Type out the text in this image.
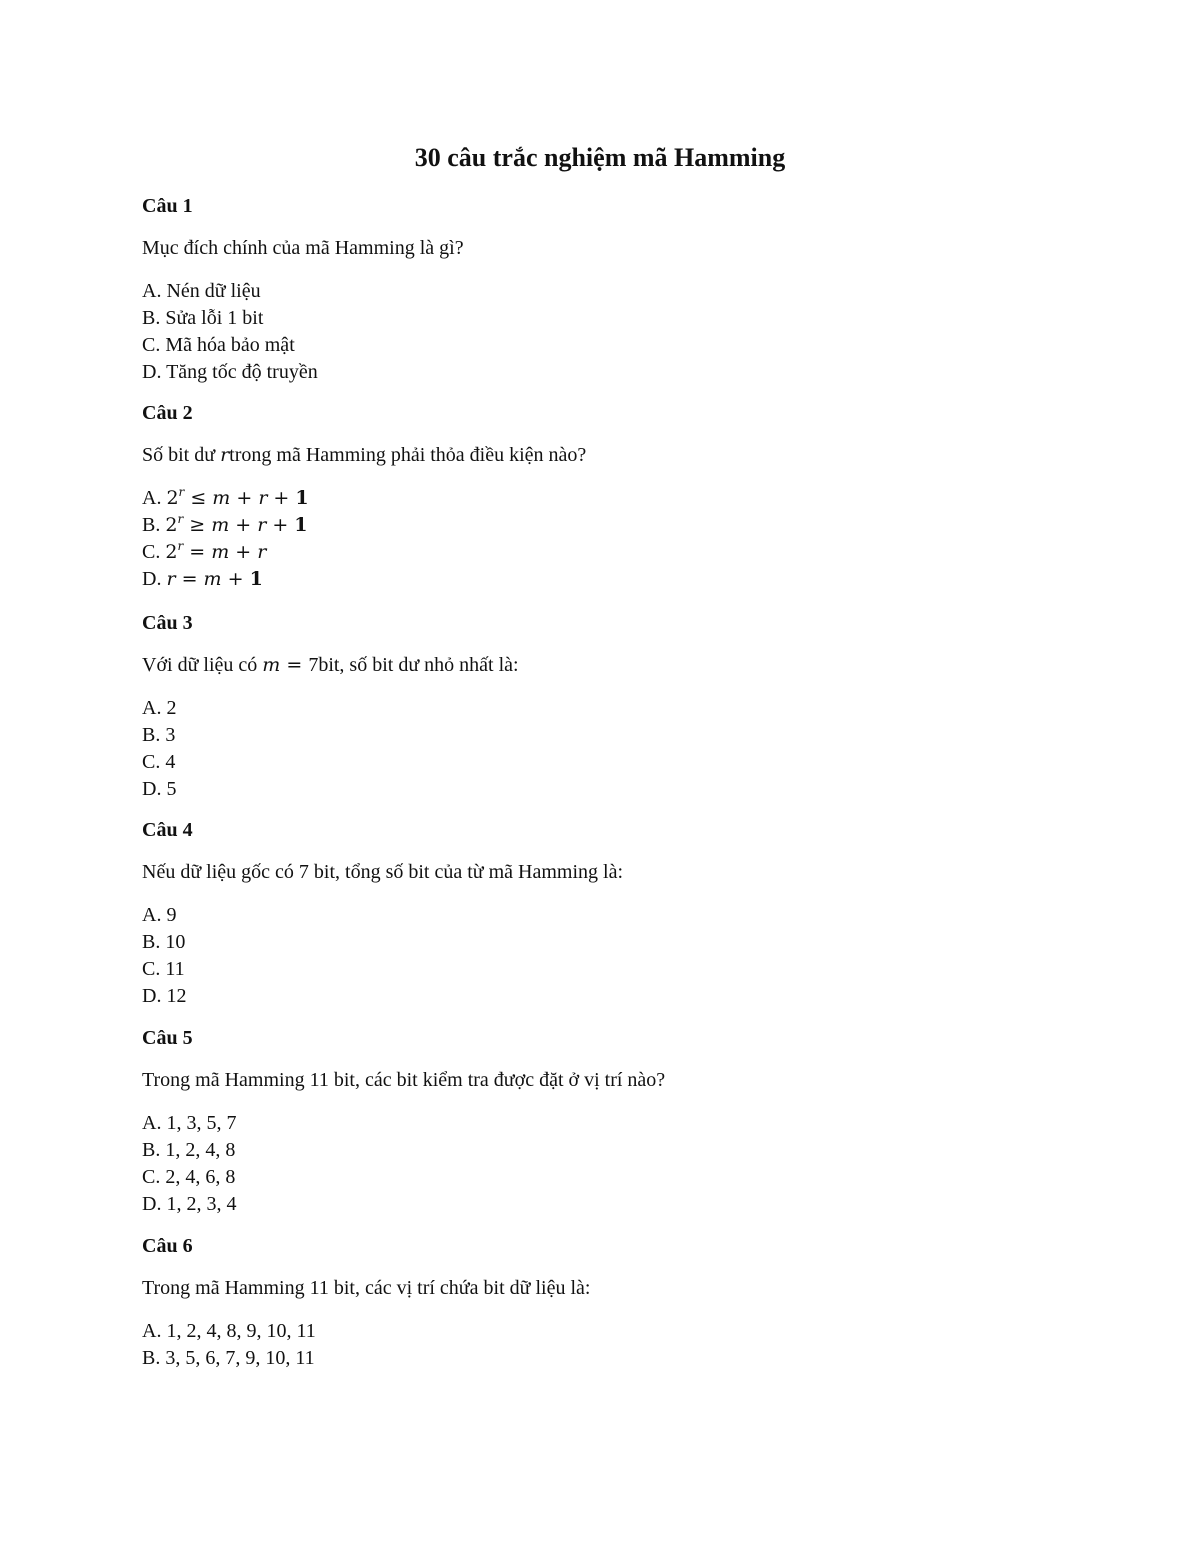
30 câu trắc nghiệm mã Hamming

Câu 1

Mục đích chính của mã Hamming là gì?

A. Nén dữ liệu
B. Sửa lỗi 1 bit
C. Mã hóa bảo mật
D. Tăng tốc độ truyền

Câu 2

Số bit dư rtrong mã Hamming phải thỏa điều kiện nào?

A. $2^r \le m + r + 1$
B. $2^r \ge m + r + 1$
C. $2^r = m + r$
D. r = m + 1

Câu 3

Với dữ liệu có m = 7bit, số bit dư nhỏ nhất là:

A. 2
B. 3
C. 4
D. 5

Câu 4

Nếu dữ liệu gốc có 7 bit, tổng số bit của từ mã Hamming là:

A. 9
B. 10
C. 11
D. 12

Câu 5

Trong mã Hamming 11 bit, các bit kiểm tra được đặt ở vị trí nào?

A. 1, 3, 5, 7
B. 1, 2, 4, 8
C. 2, 4, 6, 8
D. 1, 2, 3, 4

Câu 6

Trong mã Hamming 11 bit, các vị trí chứa bit dữ liệu là:

A. 1, 2, 4, 8, 9, 10, 11
B. 3, 5, 6, 7, 9, 10, 11
